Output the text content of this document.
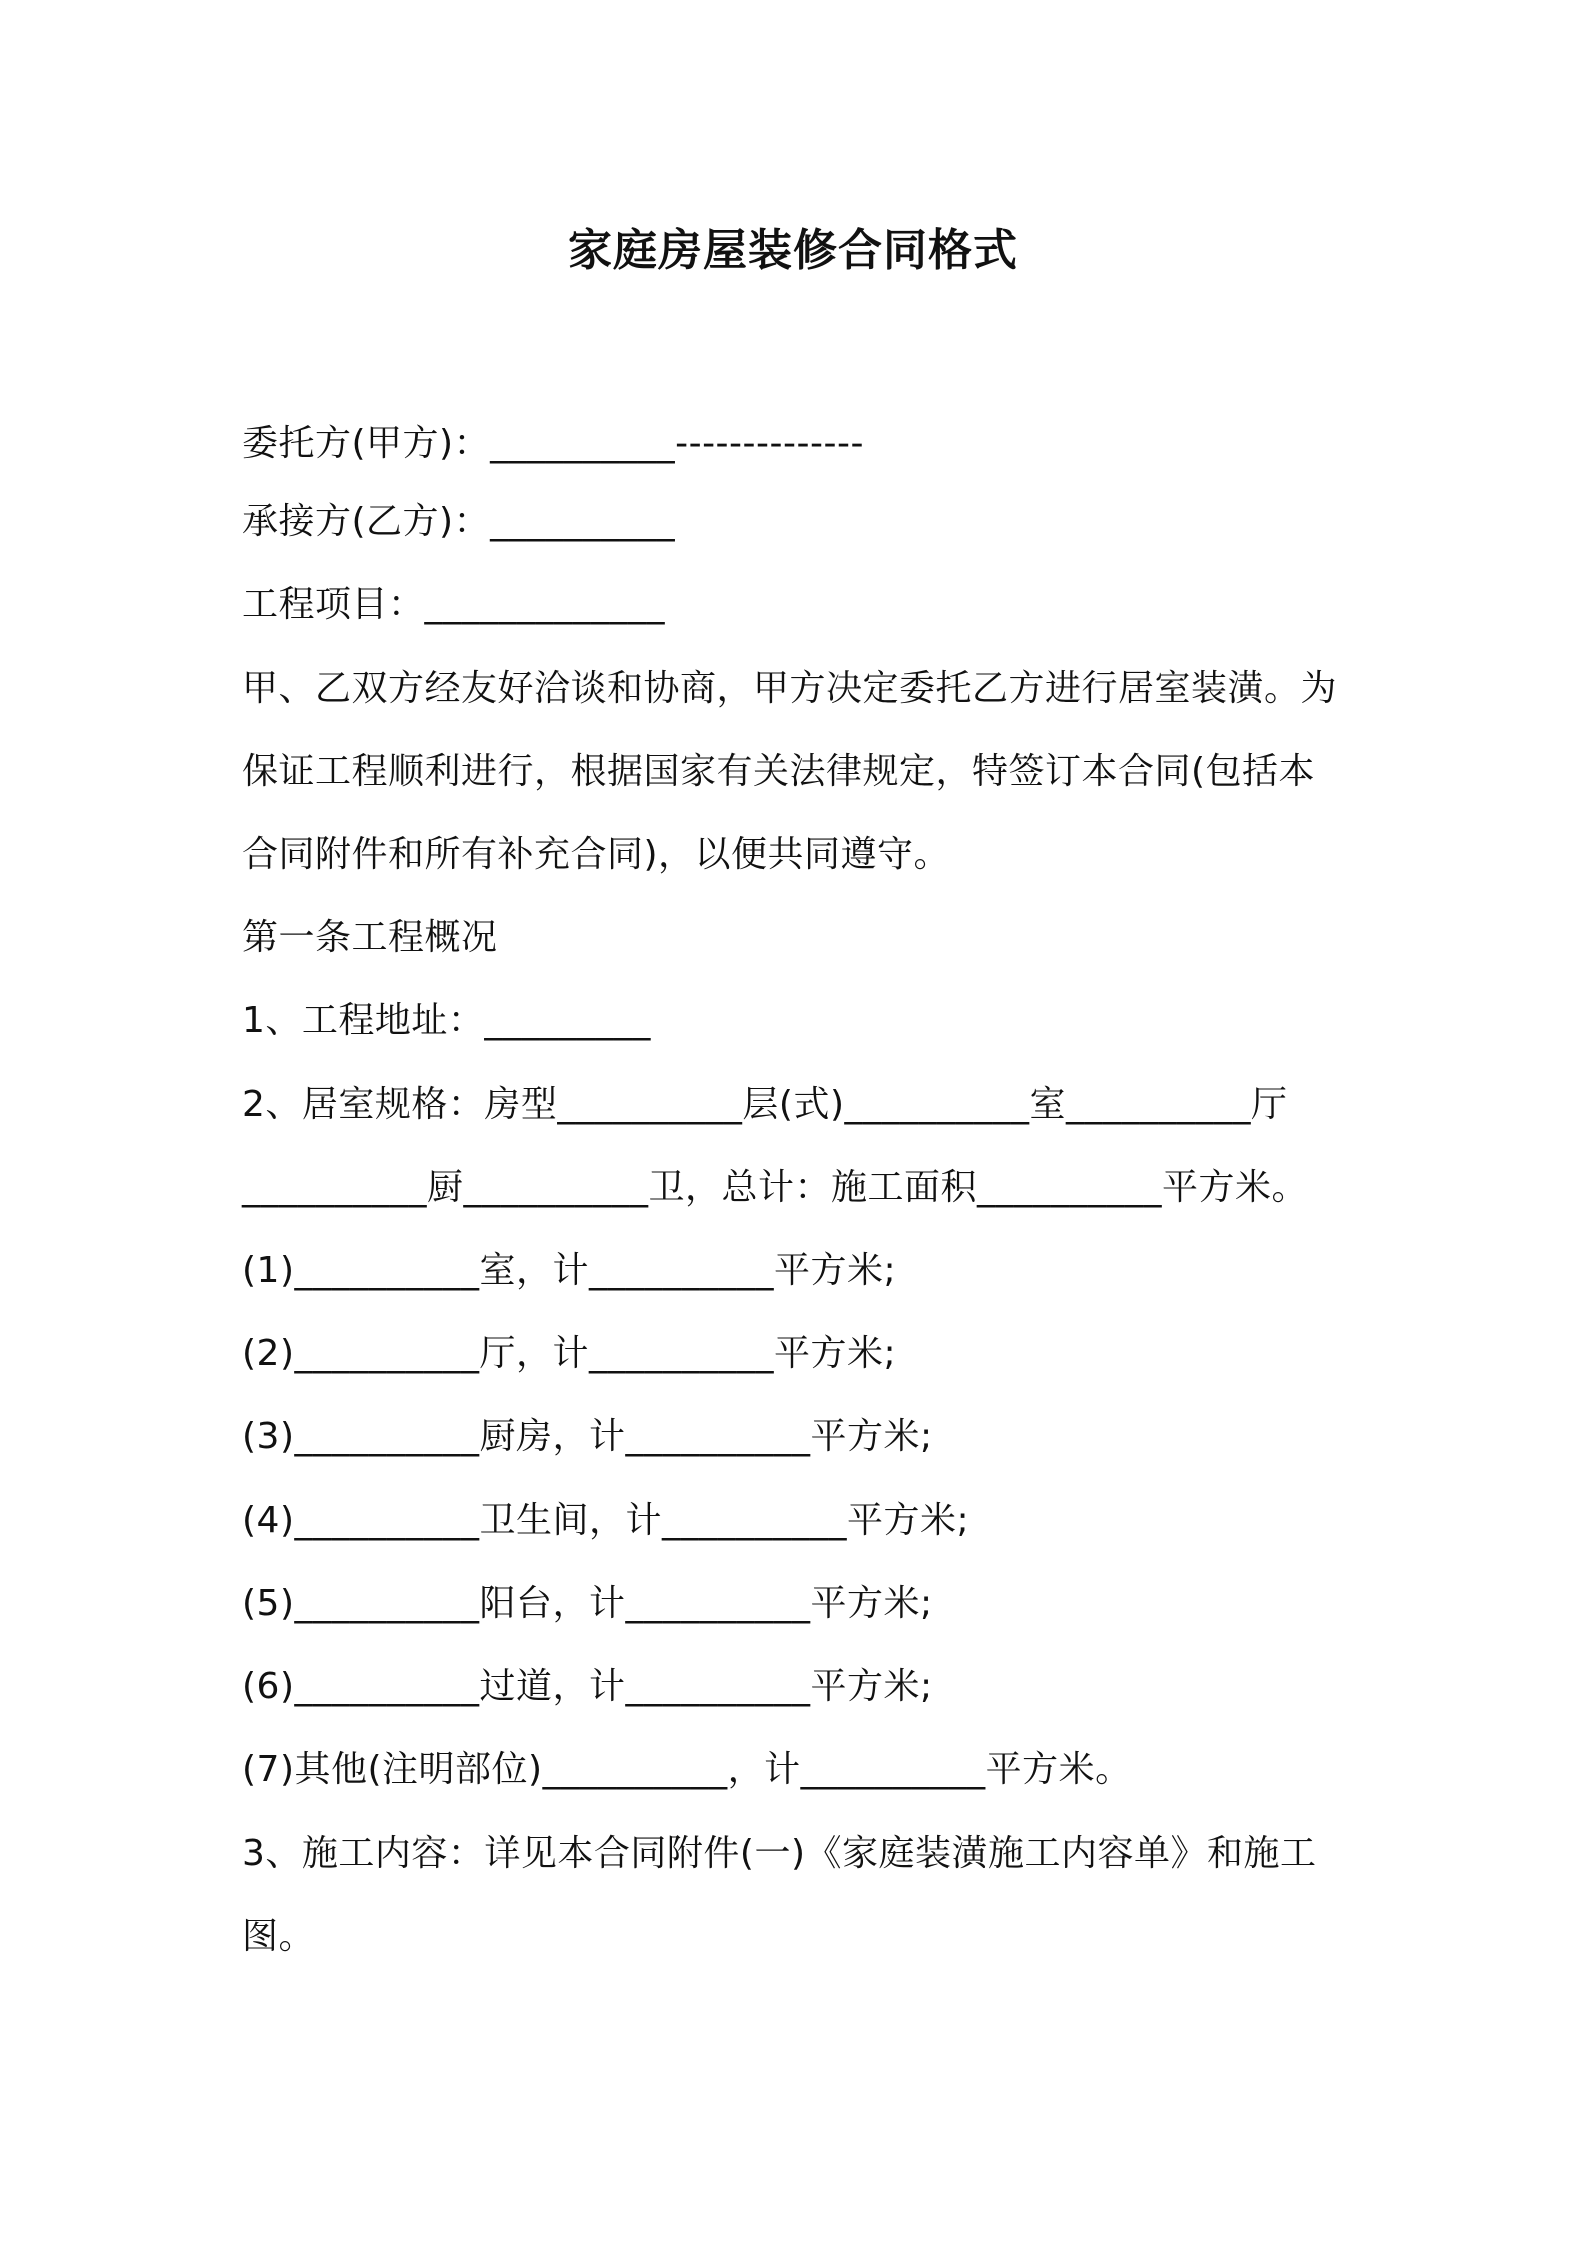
家庭房屋装修合同格式
委托方(甲方)：__________--------------
承接方(乙方)：__________
工程项目：_____________
甲、乙双方经友好洽谈和协商，甲方决定委托乙方进行居室装潢。为
保证工程顺利进行，根据国家有关法律规定，特签订本合同(包括本
合同附件和所有补充合同)，以便共同遵守。
第一条工程概况
1、工程地址：_________
2、居室规格：房型__________层(式)__________室__________厅
__________厨__________卫，总计：施工面积__________平方米。
(1)__________室，计__________平方米;
(2)__________厅，计__________平方米;
(3)__________厨房，计__________平方米;
(4)__________卫生间，计__________平方米;
(5)__________阳台，计__________平方米;
(6)__________过道，计__________平方米;
(7)其他(注明部位)__________，计__________平方米。
3、施工内容：详见本合同附件(一)《家庭装潢施工内容单》和施工
图。
